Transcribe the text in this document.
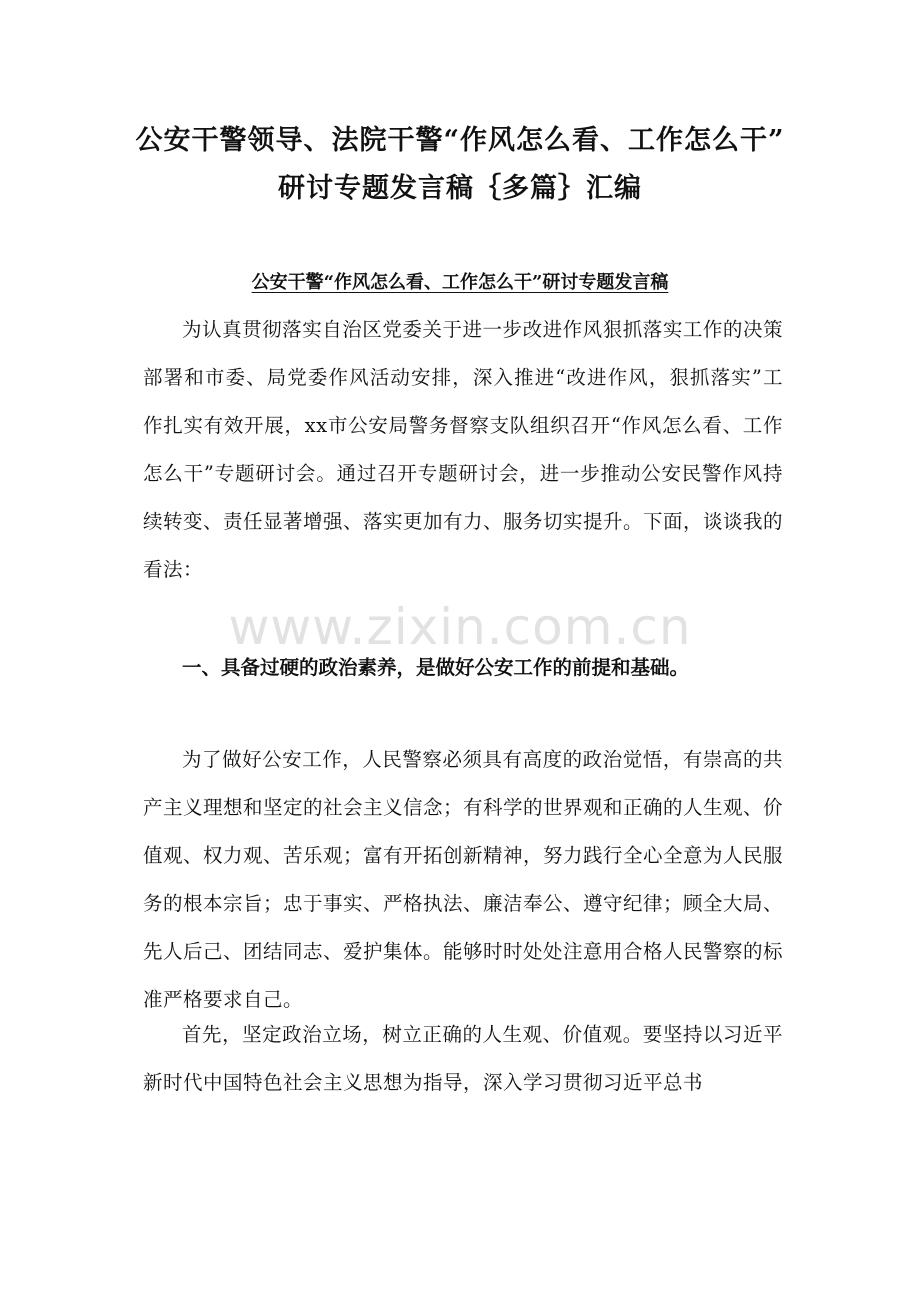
公安干警领导、法院干警“作风怎么看、工作怎么干”
研讨专题发言稿｛多篇｝汇编
公安干警“作风怎么看、工作怎么干”研讨专题发言稿

为认真贯彻落实自治区党委关于进一步改进作风狠抓落实工作的决策部署和市委、局党委作风活动安排，深入推进“改进作风，狠抓落实”工作扎实有效开展，xx市公安局警务督察支队组织召开“作风怎么看、工作怎么干”专题研讨会。通过召开专题研讨会，进一步推动公安民警作风持续转变、责任显著增强、落实更加有力、服务切实提升。下面，谈谈我的看法：

www.zixin.com.cn

一、具备过硬的政治素养，是做好公安工作的前提和基础。

为了做好公安工作，人民警察必须具有高度的政治觉悟，有崇高的共产主义理想和坚定的社会主义信念；有科学的世界观和正确的人生观、价值观、权力观、苦乐观；富有开拓创新精神，努力践行全心全意为人民服务的根本宗旨；忠于事实、严格执法、廉洁奉公、遵守纪律；顾全大局、先人后己、团结同志、爱护集体。能够时时处处注意用合格人民警察的标准严格要求自己。

首先，坚定政治立场，树立正确的人生观、价值观。要坚持以习近平新时代中国特色社会主义思想为指导，深入学习贯彻习近平总书
